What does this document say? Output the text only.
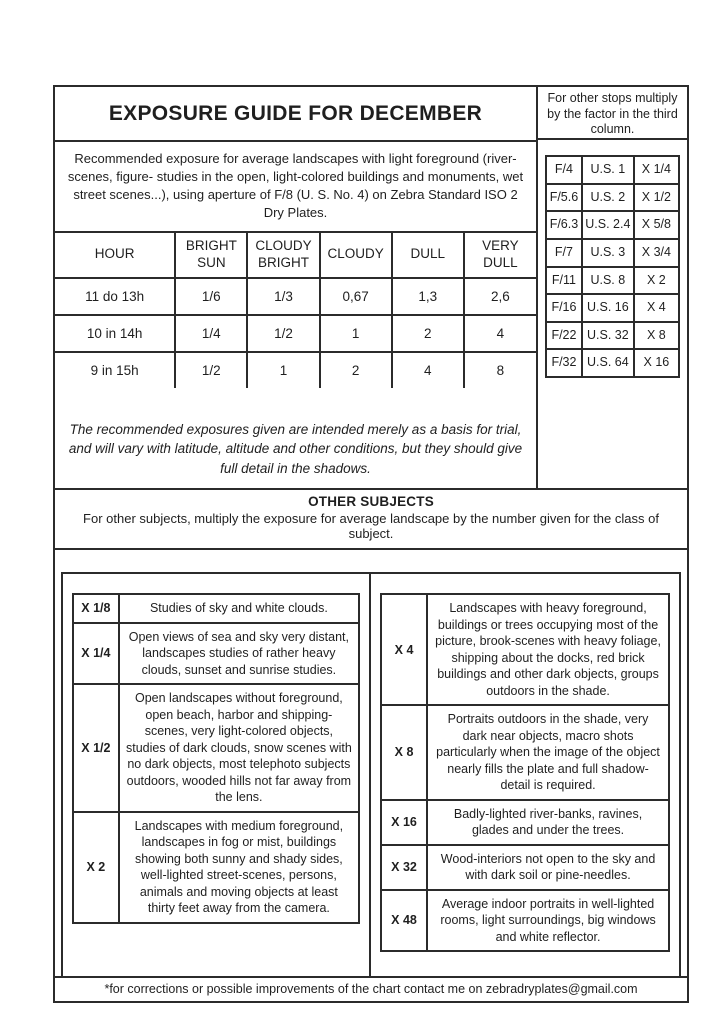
EXPOSURE GUIDE FOR DECEMBER
Recommended exposure for average landscapes with light foreground (river-scenes, figure- studies in the open, light-colored buildings and monuments, wet street scenes...), using aperture of F/8 (U. S. No. 4) on Zebra Standard ISO 2 Dry Plates.
HOUR	BRIGHT SUN	CLOUDY BRIGHT	CLOUDY	DULL	VERY DULL
11 do 13h	1/6	1/3	0,67	1,3	2,6
10 in 14h	1/4	1/2	1	2	4
9 in 15h	1/2	1	2	4	8
The recommended exposures given are intended merely as a basis for trial, and will vary with latitude, altitude and other conditions, but they should give full detail in the shadows.
For other stops multiply by the factor in the third column.
F/4	U.S. 1	X 1/4
F/5.6	U.S. 2	X 1/2
F/6.3	U.S. 2.4	X 5/8
F/7	U.S. 3	X 3/4
F/11	U.S. 8	X 2
F/16	U.S. 16	X 4
F/22	U.S. 32	X 8
F/32	U.S. 64	X 16
OTHER SUBJECTS
For other subjects, multiply the exposure for average landscape by the number given for the class of subject.
X 1/8	Studies of sky and white clouds.
X 1/4	Open views of sea and sky very distant, landscapes studies of rather heavy clouds, sunset and sunrise studies.
X 1/2	Open landscapes without foreground, open beach, harbor and shipping-scenes, very light-colored objects, studies of dark clouds, snow scenes with no dark objects, most telephoto subjects outdoors, wooded hills not far away from the lens.
X 2	Landscapes with medium foreground, landscapes in fog or mist, buildings showing both sunny and shady sides, well-lighted street-scenes, persons, animals and moving objects at least thirty feet away from the camera.
X 4	Landscapes with heavy foreground, buildings or trees occupying most of the picture, brook-scenes with heavy foliage, shipping about the docks, red brick buildings and other dark objects, groups outdoors in the shade.
X 8	Portraits outdoors in the shade, very dark near objects, macro shots particularly when the image of the object nearly fills the plate and full shadow-detail is required.
X 16	Badly-lighted river-banks, ravines, glades and under the trees.
X 32	Wood-interiors not open to the sky and with dark soil or pine-needles.
X 48	Average indoor portraits in well-lighted rooms, light surroundings, big windows and white reflector.
*for corrections or possible improvements of the chart contact me on zebradryplates@gmail.com
